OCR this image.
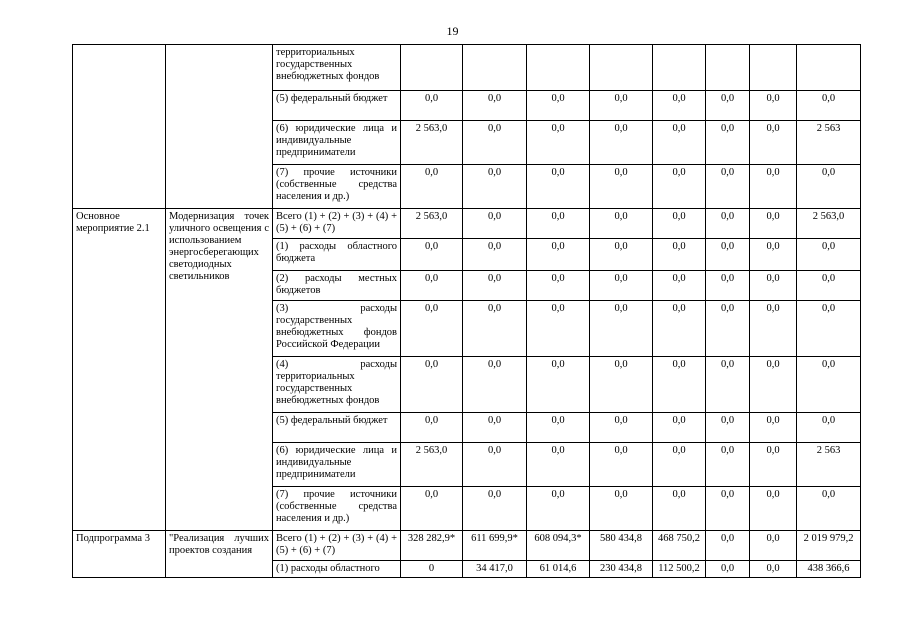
19
		территориальных государственных внебюджетных фондов								
		(5) федеральный бюджет	0,0	0,0	0,0	0,0	0,0	0,0	0,0	0,0
		(6) юридические лица и индивидуальные предприниматели	2 563,0	0,0	0,0	0,0	0,0	0,0	0,0	2 563
		(7) прочие источники (собственные средства населения и др.)	0,0	0,0	0,0	0,0	0,0	0,0	0,0	0,0
Основное мероприятие 2.1	Модернизация точек уличного освещения с использованием энергосберегающих светодиодных светильников	Всего (1) + (2) + (3) + (4) + (5) + (6) + (7)	2 563,0	0,0	0,0	0,0	0,0	0,0	0,0	2 563,0
		(1) расходы областного бюджета	0,0	0,0	0,0	0,0	0,0	0,0	0,0	0,0
		(2) расходы местных бюджетов	0,0	0,0	0,0	0,0	0,0	0,0	0,0	0,0
		(3) расходы государственных внебюджетных фондов Российской Федерации	0,0	0,0	0,0	0,0	0,0	0,0	0,0	0,0
		(4) расходы территориальных государственных внебюджетных фондов	0,0	0,0	0,0	0,0	0,0	0,0	0,0	0,0
		(5) федеральный бюджет	0,0	0,0	0,0	0,0	0,0	0,0	0,0	0,0
		(6) юридические лица и индивидуальные предприниматели	2 563,0	0,0	0,0	0,0	0,0	0,0	0,0	2 563
		(7) прочие источники (собственные средства населения и др.)	0,0	0,0	0,0	0,0	0,0	0,0	0,0	0,0
Подпрограмма 3	"Реализация лучших проектов создания	Всего (1) + (2) + (3) + (4) + (5) + (6) + (7)	328 282,9*	611 699,9*	608 094,3*	580 434,8	468 750,2	0,0	0,0	2 019 979,2
		(1) расходы областного	0	34 417,0	61 014,6	230 434,8	112 500,2	0,0	0,0	438 366,6
